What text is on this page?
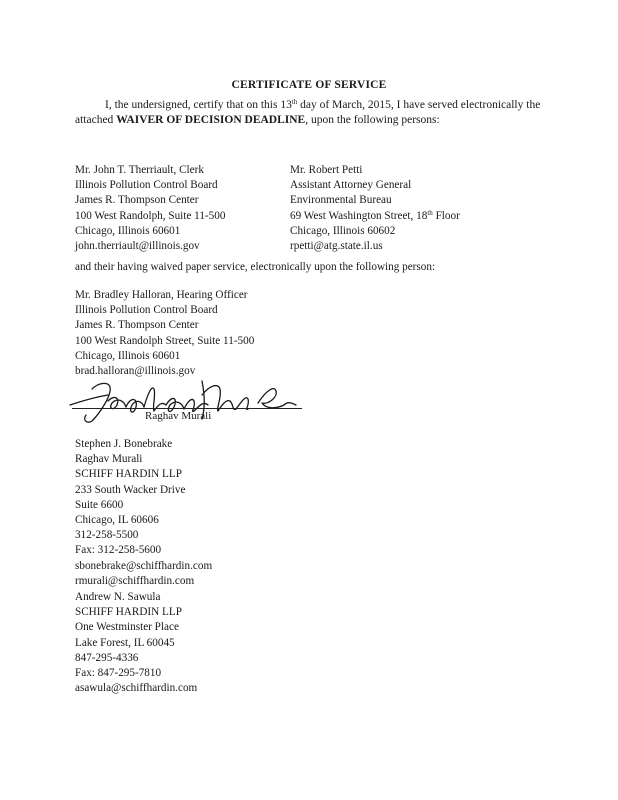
CERTIFICATE OF SERVICE
I, the undersigned, certify that on this 13th day of March, 2015, I have served electronically the attached WAIVER OF DECISION DEADLINE, upon the following persons:
Mr. John T. Therriault, Clerk
Illinois Pollution Control Board
James R. Thompson Center
100 West Randolph, Suite 11-500
Chicago, Illinois 60601
john.therriault@illinois.gov
Mr. Robert Petti
Assistant Attorney General
Environmental Bureau
69 West Washington Street, 18th Floor
Chicago, Illinois 60602
rpetti@atg.state.il.us
and their having waived paper service, electronically upon the following person:
Mr. Bradley Halloran, Hearing Officer
Illinois Pollution Control Board
James R. Thompson Center
100 West Randolph Street, Suite 11-500
Chicago, Illinois 60601
brad.halloran@illinois.gov
Raghav Murali
Stephen J. Bonebrake
Raghav Murali
SCHIFF HARDIN LLP
233 South Wacker Drive
Suite 6600
Chicago, IL 60606
312-258-5500
Fax: 312-258-5600
sbonebrake@schiffhardin.com
rmurali@schiffhardin.com
Andrew N. Sawula
SCHIFF HARDIN LLP
One Westminster Place
Lake Forest, IL 60045
847-295-4336
Fax: 847-295-7810
asawula@schiffhardin.com
